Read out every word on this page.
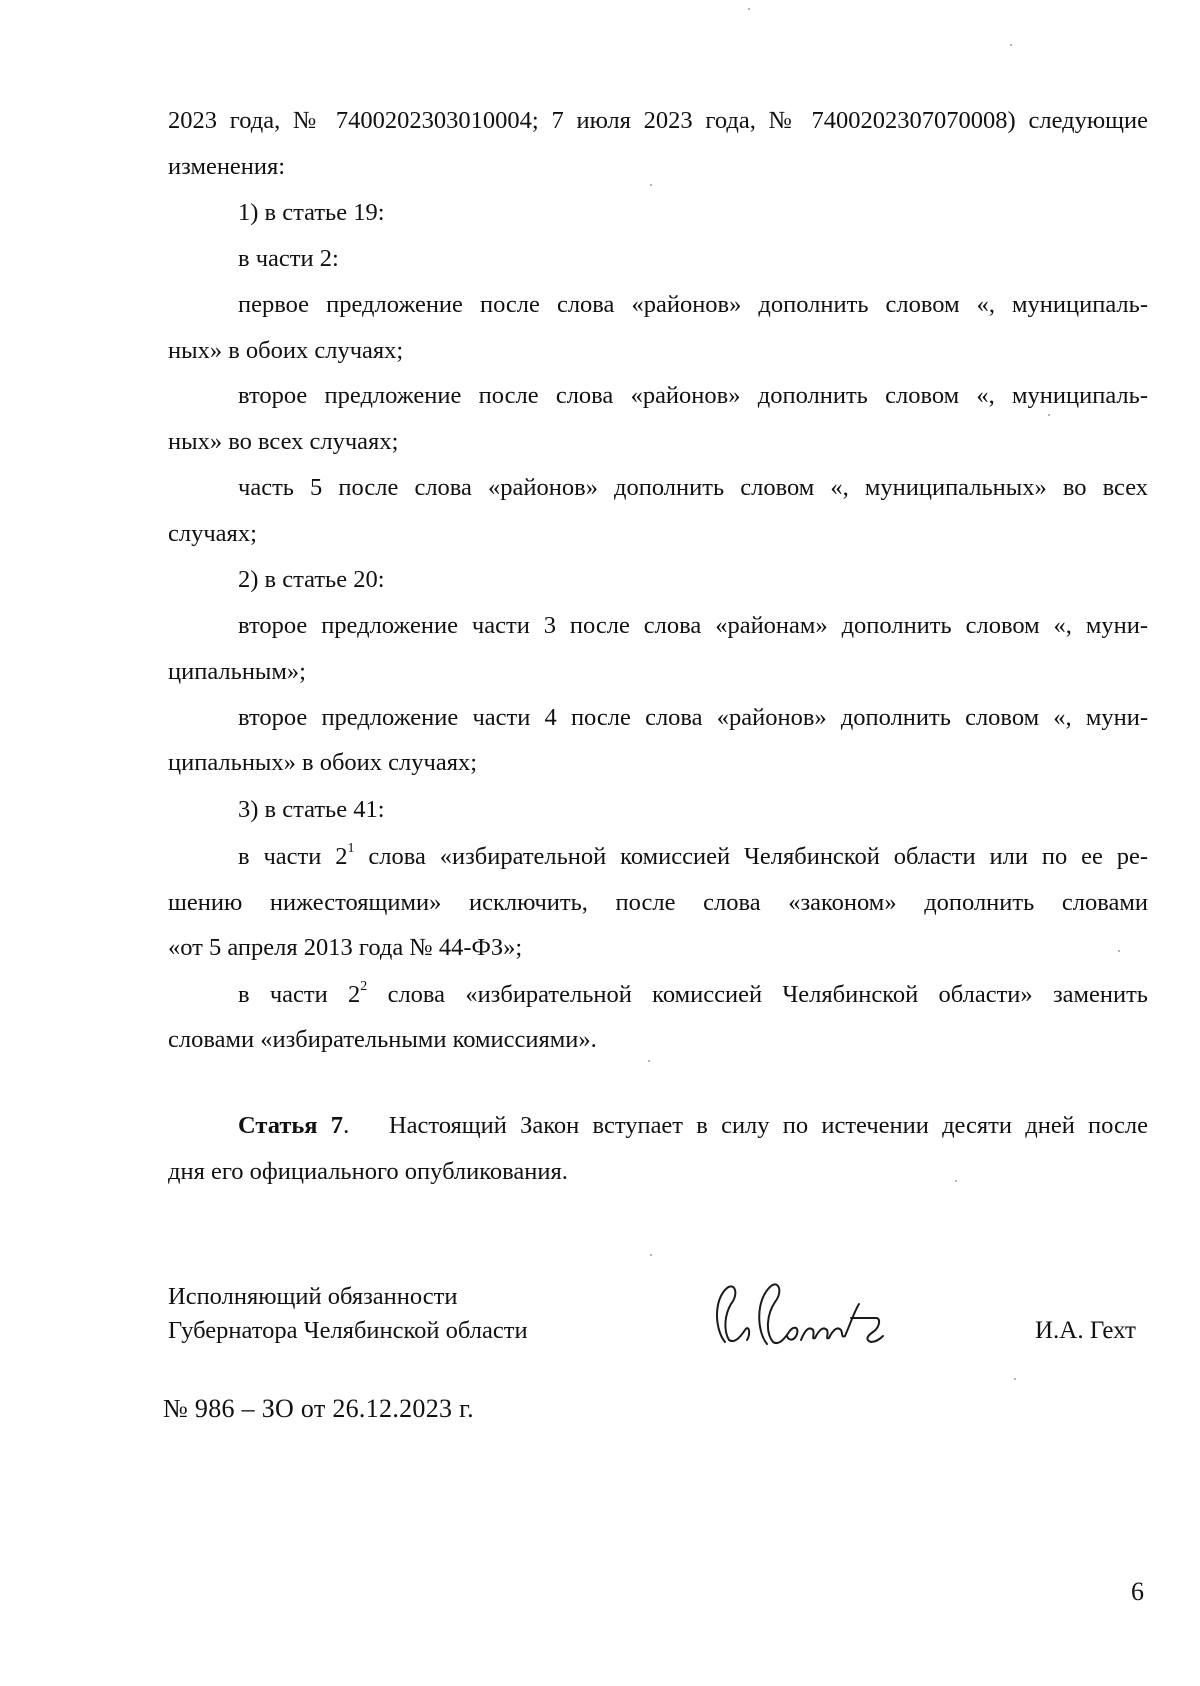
2023 года, № 7400202303010004; 7 июля 2023 года, № 7400202307070008) следующие
изменения:
1) в статье 19:
в части 2:
первое предложение после слова «районов» дополнить словом «, муниципаль-
ных» в обоих случаях;
второе предложение после слова «районов» дополнить словом «, муниципаль-
ных» во всех случаях;
часть 5 после слова «районов» дополнить словом «, муниципальных» во всех
случаях;
2) в статье 20:
второе предложение части 3 после слова «районам» дополнить словом «, муни-
ципальным»;
второе предложение части 4 после слова «районов» дополнить словом «, муни-
ципальных» в обоих случаях;
3) в статье 41:
в части $2^1$ слова «избирательной комиссией Челябинской области или по ее ре-
шению нижестоящими» исключить, после слова «законом» дополнить словами
«от 5 апреля 2013 года № 44-ФЗ»;
в части $2^2$ слова «избирательной комиссией Челябинской области» заменить
словами «избирательными комиссиями».
Статья 7. Настоящий Закон вступает в силу по истечении десяти дней после
дня его официального опубликования.
Исполняющий обязанности
Губернатора Челябинской области	И.А. Гехт
№ 986 – ЗО от 26.12.2023 г.
6
